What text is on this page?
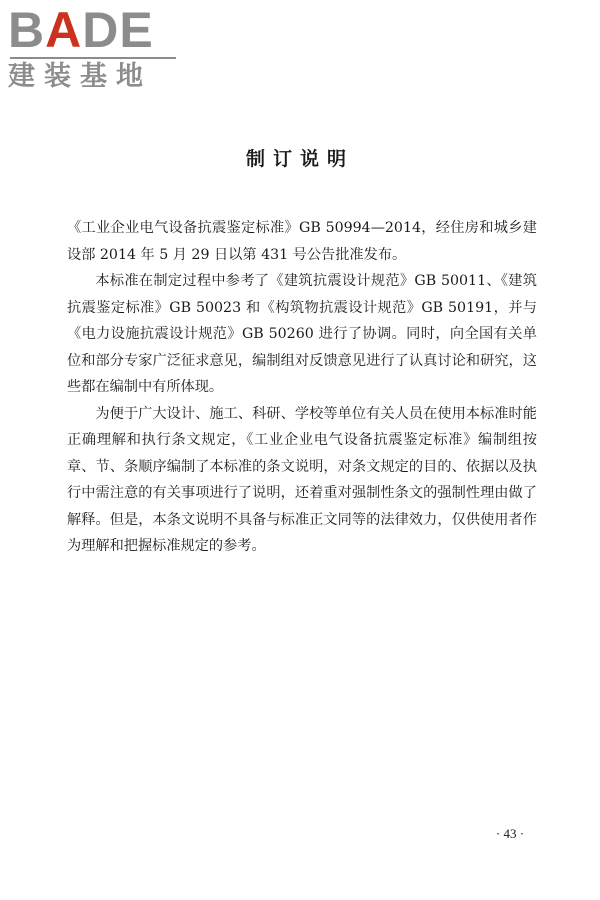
BADE
建装基地
制订说明

《工业企业电气设备抗震鉴定标准》GB 50994—2014，经住房和城乡建设部 2014 年 5 月 29 日以第 431 号公告批准发布。

本标准在制定过程中参考了《建筑抗震设计规范》GB 50011、《建筑抗震鉴定标准》GB 50023 和《构筑物抗震设计规范》GB 50191，并与《电力设施抗震设计规范》GB 50260 进行了协调。同时，向全国有关单位和部分专家广泛征求意见，编制组对反馈意见进行了认真讨论和研究，这些都在编制中有所体现。

为便于广大设计、施工、科研、学校等单位有关人员在使用本标准时能正确理解和执行条文规定，《工业企业电气设备抗震鉴定标准》编制组按章、节、条顺序编制了本标准的条文说明，对条文规定的目的、依据以及执行中需注意的有关事项进行了说明，还着重对强制性条文的强制性理由做了解释。但是，本条文说明不具备与标准正文同等的法律效力，仅供使用者作为理解和把握标准规定的参考。

· 43 ·
